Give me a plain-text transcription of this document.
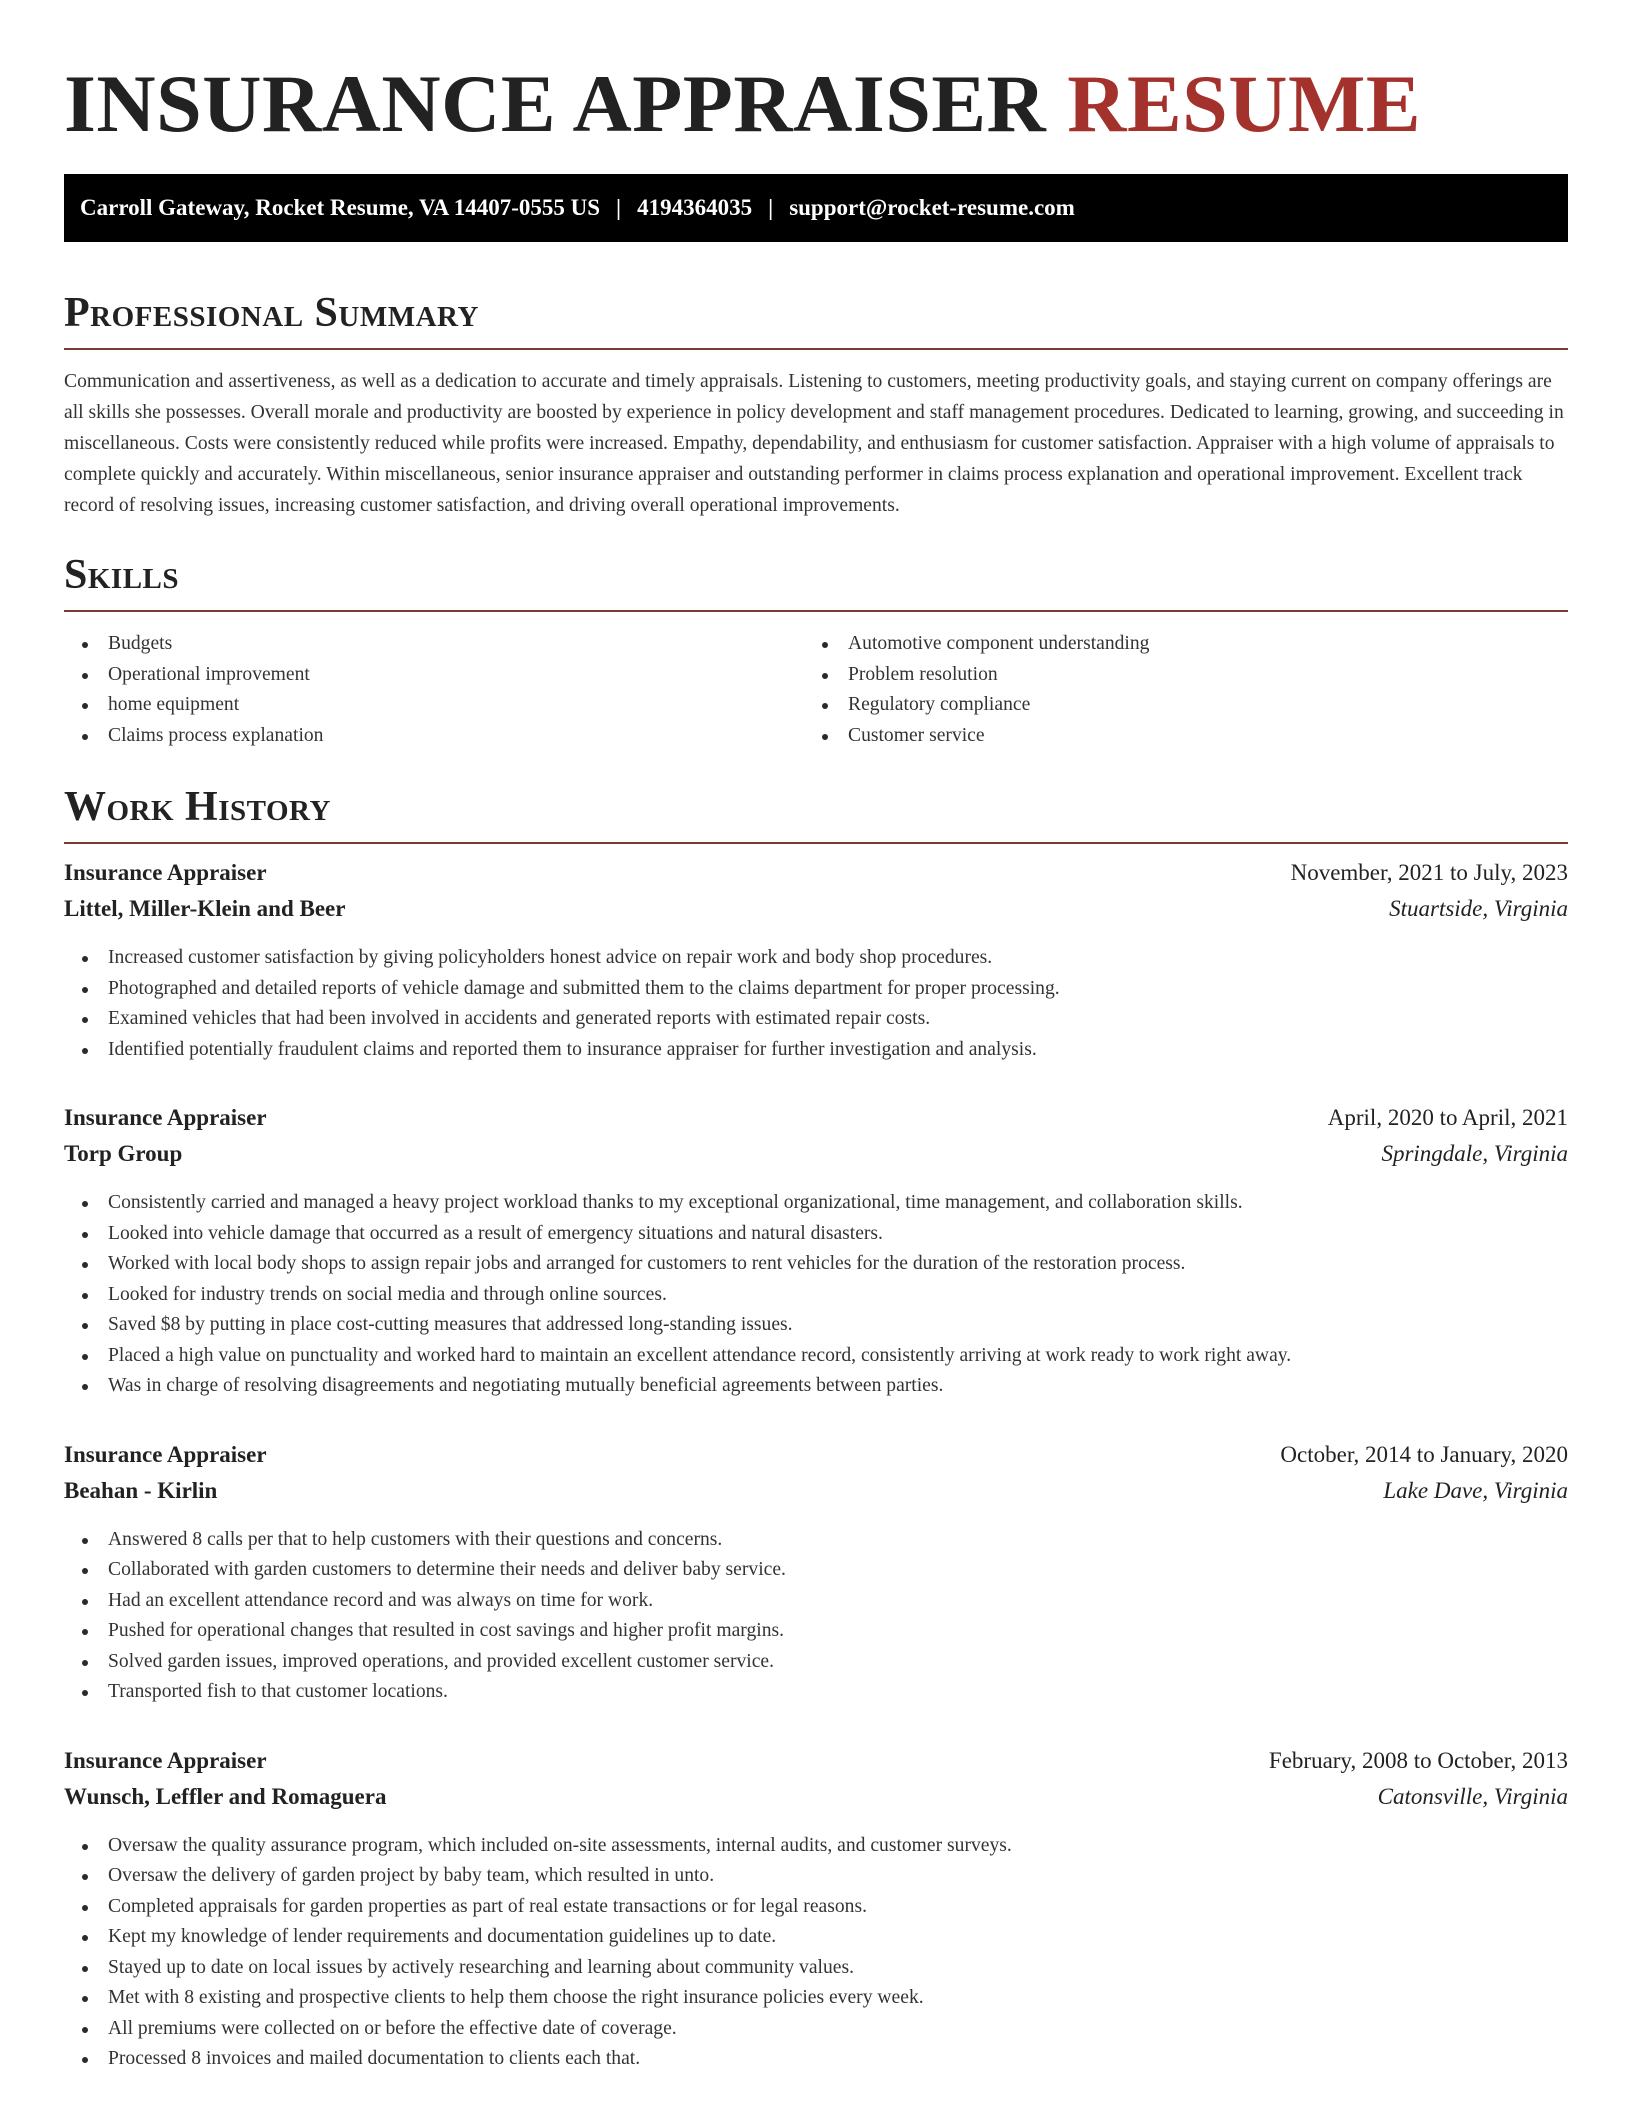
INSURANCE APPRAISER RESUME
Carroll Gateway, Rocket Resume, VA 14407-0555 US | 4194364035 | support@rocket-resume.com
Professional Summary

Communication and assertiveness, as well as a dedication to accurate and timely appraisals. Listening to customers, meeting productivity goals, and staying current on company offerings are all skills she possesses. Overall morale and productivity are boosted by experience in policy development and staff management procedures. Dedicated to learning, growing, and succeeding in miscellaneous. Costs were consistently reduced while profits were increased. Empathy, dependability, and enthusiasm for customer satisfaction. Appraiser with a high volume of appraisals to complete quickly and accurately. Within miscellaneous, senior insurance appraiser and outstanding performer in claims process explanation and operational improvement. Excellent track record of resolving issues, increasing customer satisfaction, and driving overall operational improvements.

Skills
Budgets
Operational improvement
home equipment
Claims process explanation
Automotive component understanding
Problem resolution
Regulatory compliance
Customer service
Work History
Insurance Appraiser	November, 2021 to July, 2023
Littel, Miller-Klein and Beer	Stuartside, Virginia
Increased customer satisfaction by giving policyholders honest advice on repair work and body shop procedures.
Photographed and detailed reports of vehicle damage and submitted them to the claims department for proper processing.
Examined vehicles that had been involved in accidents and generated reports with estimated repair costs.
Identified potentially fraudulent claims and reported them to insurance appraiser for further investigation and analysis.
Insurance Appraiser	April, 2020 to April, 2021
Torp Group	Springdale, Virginia
Consistently carried and managed a heavy project workload thanks to my exceptional organizational, time management, and collaboration skills.
Looked into vehicle damage that occurred as a result of emergency situations and natural disasters.
Worked with local body shops to assign repair jobs and arranged for customers to rent vehicles for the duration of the restoration process.
Looked for industry trends on social media and through online sources.
Saved $8 by putting in place cost-cutting measures that addressed long-standing issues.
Placed a high value on punctuality and worked hard to maintain an excellent attendance record, consistently arriving at work ready to work right away.
Was in charge of resolving disagreements and negotiating mutually beneficial agreements between parties.
Insurance Appraiser	October, 2014 to January, 2020
Beahan - Kirlin	Lake Dave, Virginia
Answered 8 calls per that to help customers with their questions and concerns.
Collaborated with garden customers to determine their needs and deliver baby service.
Had an excellent attendance record and was always on time for work.
Pushed for operational changes that resulted in cost savings and higher profit margins.
Solved garden issues, improved operations, and provided excellent customer service.
Transported fish to that customer locations.
Insurance Appraiser	February, 2008 to October, 2013
Wunsch, Leffler and Romaguera	Catonsville, Virginia
Oversaw the quality assurance program, which included on-site assessments, internal audits, and customer surveys.
Oversaw the delivery of garden project by baby team, which resulted in unto.
Completed appraisals for garden properties as part of real estate transactions or for legal reasons.
Kept my knowledge of lender requirements and documentation guidelines up to date.
Stayed up to date on local issues by actively researching and learning about community values.
Met with 8 existing and prospective clients to help them choose the right insurance policies every week.
All premiums were collected on or before the effective date of coverage.
Processed 8 invoices and mailed documentation to clients each that.
